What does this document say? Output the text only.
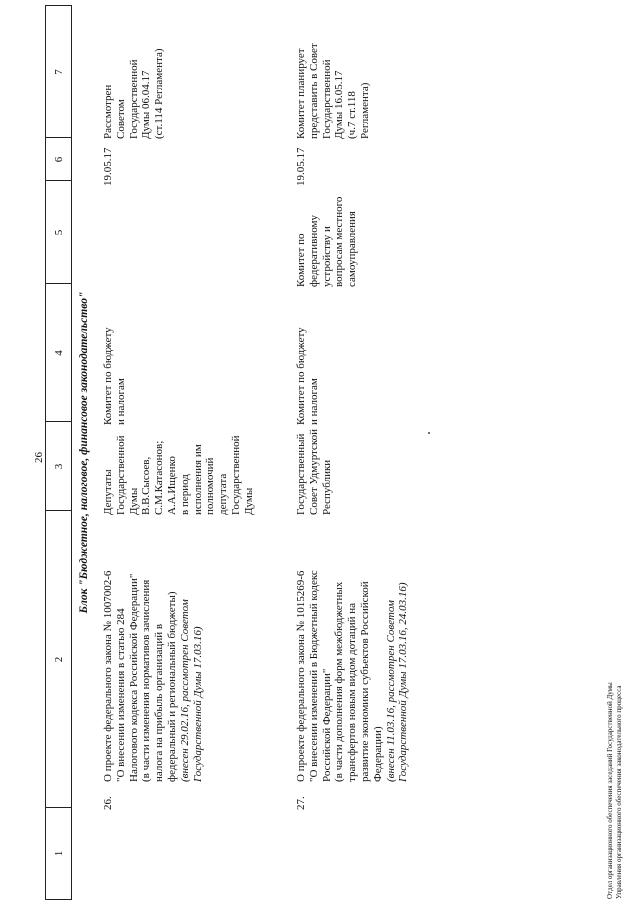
26
1
2
3
4
5
6
7
Блок "Бюджетное, налоговое, финансовое законодательство"
26.
О проекте федерального закона № 1007002-6 "О внесении изменения в статью 284 Налогового кодекса Российской Федерации" (в части изменения нормативов зачисления налога на прибыль организаций в федеральный и региональный бюджеты) (внесен 29.02.16, рассмотрен Советом Государственной Думы 17.03.16)
Депутаты Государственной Думы В.В.Сысоев, С.М.Катасонов; А.А.Ищенко в период исполнения им полномочий депутата Государственной Думы
Комитет по бюджету и налогам
19.05.17
Рассмотрен Советом Государственной Думы 06.04.17 (ст.114 Регламента)
27.
О проекте федерального закона № 1015269-6 "О внесении изменений в Бюджетный кодекс Российской Федерации" (в части дополнения форм межбюджетных трансфертов новым видом дотаций на развитие экономики субъектов Российской Федерации) (внесен 11.03.16, рассмотрен Советом Государственной Думы 17.03.16, 24.03.16)
Государственный Совет Удмуртской Республики
Комитет по бюджету и налогам
Комитет по федеративному устройству и вопросам местного самоуправления
19.05.17
Комитет планирует представить в Совет Государственной Думы 16.05.17 (ч.7 ст.118 Регламента)
Отдел организационного обеспечения заседаний Государственной Думы Управления организационного обеспечения законодательного процесса
